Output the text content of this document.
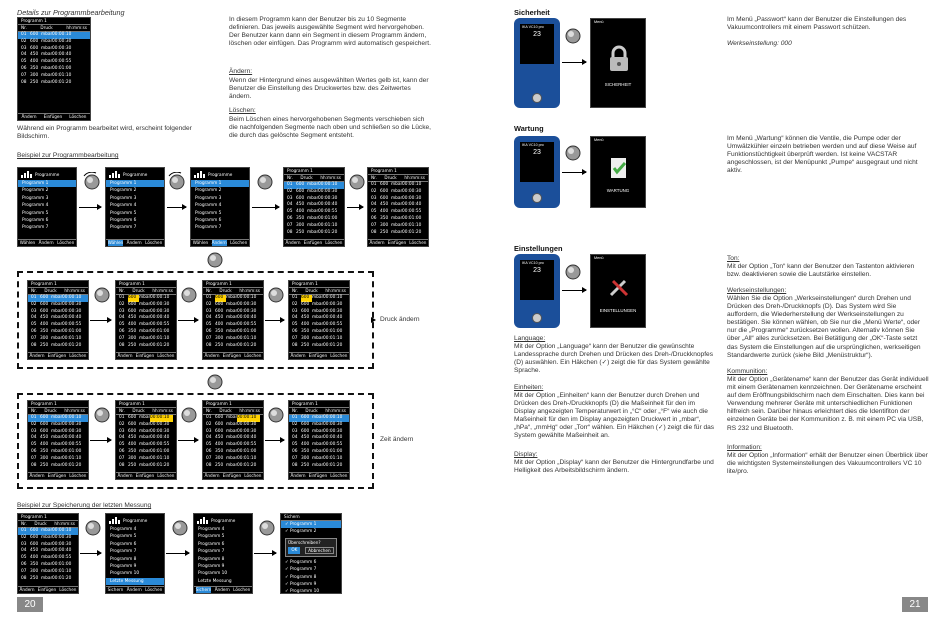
Details zur Programmbearbeitung
Programm 1
Nr.	Druck	hh:mm:ss
01 600 mbar 00:00:10
02 600 mbar 00:00:30
03 600 mbar 00:00:30
04 450 mbar 00:00:40
05 400 mbar 00:00:55
06 350 mbar 00:01:00
07 300 mbar 00:01:10
08 250 mbar 00:01:20
Ändern Einfügen Löschen
Während ein Programm bearbeitet wird, erscheint folgender Bildschirm.
In diesem Programm kann der Benutzer bis zu 10 Segmente definieren. Das jeweils ausgewählte Segment wird hervorgehoben. Der Benutzer kann dann ein Segment in diesem Programm ändern, löschen oder einfügen. Das Programm wird automatisch gespeichert.
Ändern:
Wenn der Hintergrund eines ausgewählten Wertes gelb ist, kann der Benutzer die Einstellung des Druckwertes bzw. des Zeitwertes ändern.
Löschen:
Beim Löschen eines hervorgehobenen Segments verschieben sich die nachfolgenden Segmente nach oben und schließen so die Lücke, die durch das gelöschte Segment entsteht.
Beispiel zur Programmbearbeitung
Programme
Programm 1
Programm 2
Programm 3
Programm 4
Programm 5
Programm 6
Programm 7
Wählen Ändern Löschen
Programme
Programm 1
Programm 2
Programm 3
Programm 4
Programm 5
Programm 6
Programm 7
Wählen Ändern Löschen
Programme
Programm 1
Programm 2
Programm 3
Programm 4
Programm 5
Programm 6
Programm 7
Wählen Ändern Löschen
Programm 1
Nr. Druck hh:mm:ss
01 600 mbar 00:00:10
02 600 mbar 00:00:30
03 600 mbar 00:00:30
04 450 mbar 00:00:40
05 400 mbar 00:00:55
06 350 mbar 00:01:00
07 300 mbar 00:01:10
08 250 mbar 00:01:20
Ändern Einfügen Löschen
Programm 1
Nr. Druck hh:mm:ss
01 600 mbar 00:00:10
02 600 mbar 00:00:30
03 600 mbar 00:00:30
04 450 mbar 00:00:40
05 400 mbar 00:00:55
06 350 mbar 00:01:00
07 300 mbar 00:01:10
08 250 mbar 00:01:20
Ändern Einfügen Löschen
Programm 1
Nr. Druck hh:mm:ss
01 600 mbar 00:00:10
02 600 mbar 00:00:30
03 600 mbar 00:00:30
04 450 mbar 00:00:40
05 400 mbar 00:00:55
06 350 mbar 00:01:00
07 300 mbar 00:01:10
08 250 mbar 00:01:20
Ändern Einfügen Löschen
Programm 1
Nr. Druck hh:mm:ss
01 600 mbar 00:00:10
02 600 mbar 00:00:30
03 600 mbar 00:00:30
04 450 mbar 00:00:40
05 400 mbar 00:00:55
06 350 mbar 00:01:00
07 300 mbar 00:01:10
08 250 mbar 00:01:20
Ändern Einfügen Löschen
Programm 1
Nr. Druck hh:mm:ss
01 600 mbar 00:00:10
02 600 mbar 00:00:30
03 600 mbar 00:00:30
04 450 mbar 00:00:40
05 400 mbar 00:00:55
06 350 mbar 00:01:00
07 300 mbar 00:01:10
08 250 mbar 00:01:20
Ändern Einfügen Löschen
Programm 1
Nr. Druck hh:mm:ss
01 600 mbar 00:00:10
02 600 mbar 00:00:30
03 600 mbar 00:00:30
04 450 mbar 00:00:40
05 400 mbar 00:00:55
06 350 mbar 00:01:00
07 300 mbar 00:01:10
08 250 mbar 00:01:20
Ändern Einfügen Löschen
Druck ändern
Programm 1
Nr. Druck hh:mm:ss
01 600 mbar 00:00:10
02 600 mbar 00:00:30
03 600 mbar 00:00:30
04 450 mbar 00:00:40
05 400 mbar 00:00:55
06 350 mbar 00:01:00
07 300 mbar 00:01:10
08 250 mbar 00:01:20
Ändern Einfügen Löschen
Programm 1
Nr. Druck hh:mm:ss
01 600 mbar 00:00:10
02 600 mbar 00:00:30
03 600 mbar 00:00:30
04 450 mbar 00:00:40
05 400 mbar 00:00:55
06 350 mbar 00:01:00
07 300 mbar 00:01:10
08 250 mbar 00:01:20
Ändern Einfügen Löschen
Programm 1
Nr. Druck hh:mm:ss
01 600 mbar 00:00:10
02 600 mbar 00:00:30
03 600 mbar 00:00:30
04 450 mbar 00:00:40
05 400 mbar 00:00:55
06 350 mbar 00:01:00
07 300 mbar 00:01:10
08 250 mbar 00:01:20
Ändern Einfügen Löschen
Programm 1
Nr. Druck hh:mm:ss
01 600 mbar 00:00:10
02 600 mbar 00:00:30
03 600 mbar 00:00:30
04 450 mbar 00:00:40
05 400 mbar 00:00:55
06 350 mbar 00:01:00
07 300 mbar 00:01:10
08 250 mbar 00:01:20
Ändern Einfügen Löschen
Zeit ändern
Beispiel zur Speicherung der letzten Messung
Programm 1
Nr. Druck hh:mm:ss
01 600 mbar 00:00:10
02 600 mbar 00:00:30
03 600 mbar 00:00:30
04 450 mbar 00:00:40
05 400 mbar 00:00:55
06 350 mbar 00:01:00
07 300 mbar 00:01:10
08 250 mbar 00:01:20
Ändern Einfügen Löschen
Programme
Programm 4
Programm 5
Programm 6
Programm 7
Programm 8
Programm 9
Programm 10
Letzte Messung
Sichern Ändern Löschen
Programme
Programm 4
Programm 5
Programm 6
Programm 7
Programm 8
Programm 9
Programm 10
Letzte Messung
Sichern Ändern Löschen
Sichern
✓ Programm 1
✓ Programm 2
Überschreiben?
OK	Abbrechen
✓ Programm 6
✓ Programm 7
✓ Programm 8
✓ Programm 9
✓ Programm 10
20
Sicherheit
Wartung
Einstellungen
IKA VC10 pro
23
IKA VC10 pro
23
IKA VC10 pro
23
Menü
SICHERHEIT
Menü
WARTUNG
Menü
EINSTELLUNGEN
Im Menü „Passwort“ kann der Benutzer die Einstellungen des Vakuumcontrollers mit einem Passwort schützen.
Werkseinstellung: 000
Im Menü „Wartung“ können die Ventile, die Pumpe oder der Umwälzkühler einzeln betrieben werden und auf diese Weise auf Funktionstüchtigkeit überprüft werden. Ist keine VACSTAR angeschlossen, ist der Menüpunkt „Pumpe“ ausgegraut und nicht aktiv.
Language:
Mit der Option „Language“ kann der Benutzer die gewünschte Landessprache durch Drehen und Drücken des Dreh-/Druckknopfes (D) auswählen. Ein Häkchen (✓) zeigt die für das System gewählte Sprache.
Einheiten:
Mit der Option „Einheiten“ kann der Benutzer durch Drehen und Drücken des Dreh-/Druckknopfs (D) die Maßeinheit für den im Display angezeigten Temperaturwert in „°C“ oder „°F“ wie auch die Maßeinheit für den im Display angezeigten Druckwert in „mbar“, „hPa“, „mmHg“ oder „Torr“ wählen. Ein Häkchen (✓) zeigt die für das System gewählte Maßeinheit an.
Display:
Mit der Option „Display“ kann der Benutzer die Hintergrundfarbe und Helligkeit des Arbeitsbildschirm ändern.
Ton:
Mit der Option „Ton“ kann der Benutzer den Tastenton aktivieren bzw. deaktivieren sowie die Lautstärke einstellen.
Werkseinstellungen:
Wählen Sie die Option „Werkseinstellungen“ durch Drehen und Drücken des Dreh-/Druckknopfs (D). Das System wird Sie auffordern, die Wiederherstellung der Werkseinstellungen zu bestätigen. Sie können wählen, ob Sie nur die „Menü Werte“, oder nur die „Programme“ zurücksetzen wollen. Alternativ können Sie über „All“ alles zurücksetzen. Bei Betätigung der „OK“-Taste setzt das System die Einstellungen auf die ursprünglichen, werkseitigen Standardwerte zurück (siehe Bild „Menüstruktur“).
Kommunition:
Mit der Option „Gerätename“ kann der Benutzer das Gerät individuell mit einem Gerätenamen kennzeichnen. Der Gerätename erscheint auf dem Eröffnungsbildschirm nach dem Einschalten. Dies kann bei Verwendung mehrerer Geräte mit unterschiedlichen Funktionen hilfreich sein. Darüber hinaus erleichtert dies die Identifiton der einzelnen Geräte bei der Kommunition z. B. mit einem PC via USB, RS 232 und Bluetooth.
Information:
Mit der Option „Information“ erhält der Benutzer einen Überblick über die wichtigsten Systemeinstellungen des Vakuumcontrollers VC 10 lite/pro.
21
